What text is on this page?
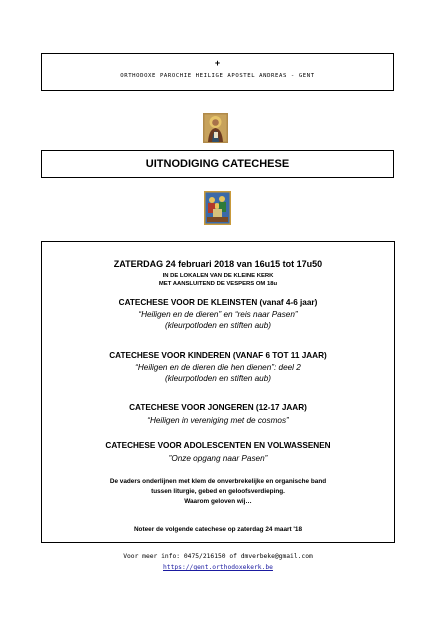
+
ORTHODOXE PAROCHIE HEILIGE APOSTEL ANDREAS - GENT
UITNODIGING CATECHESE
ZATERDAG 24 februari 2018 van 16u15 tot 17u50
IN DE LOKALEN VAN DE KLEINE KERK
MET AANSLUITEND DE VESPERS OM 18u
CATECHESE VOOR DE KLEINSTEN (vanaf 4-6 jaar)
“Heiligen en de dieren” en “reis naar Pasen”
(kleurpotloden en stiften aub)
CATECHESE VOOR KINDEREN (VANAF 6 TOT 11 JAAR)
“Heiligen en de dieren die hen dienen”: deel 2
(kleurpotloden en stiften aub)
CATECHESE VOOR JONGEREN (12-17 JAAR)
“Heiligen in vereniging met de cosmos”
CATECHESE VOOR ADOLESCENTEN EN VOLWASSENEN
”Onze opgang naar Pasen”
De vaders onderlijnen met klem de onverbrekelijke en organische band
tussen liturgie, gebed en geloofsverdieping.
Waarom geloven wij…
Noteer de volgende catechese op zaterdag 24 maart '18
Voor meer info: 0475/216150 of dmverbeke@gmail.com
https://gent.orthodoxekerk.be
